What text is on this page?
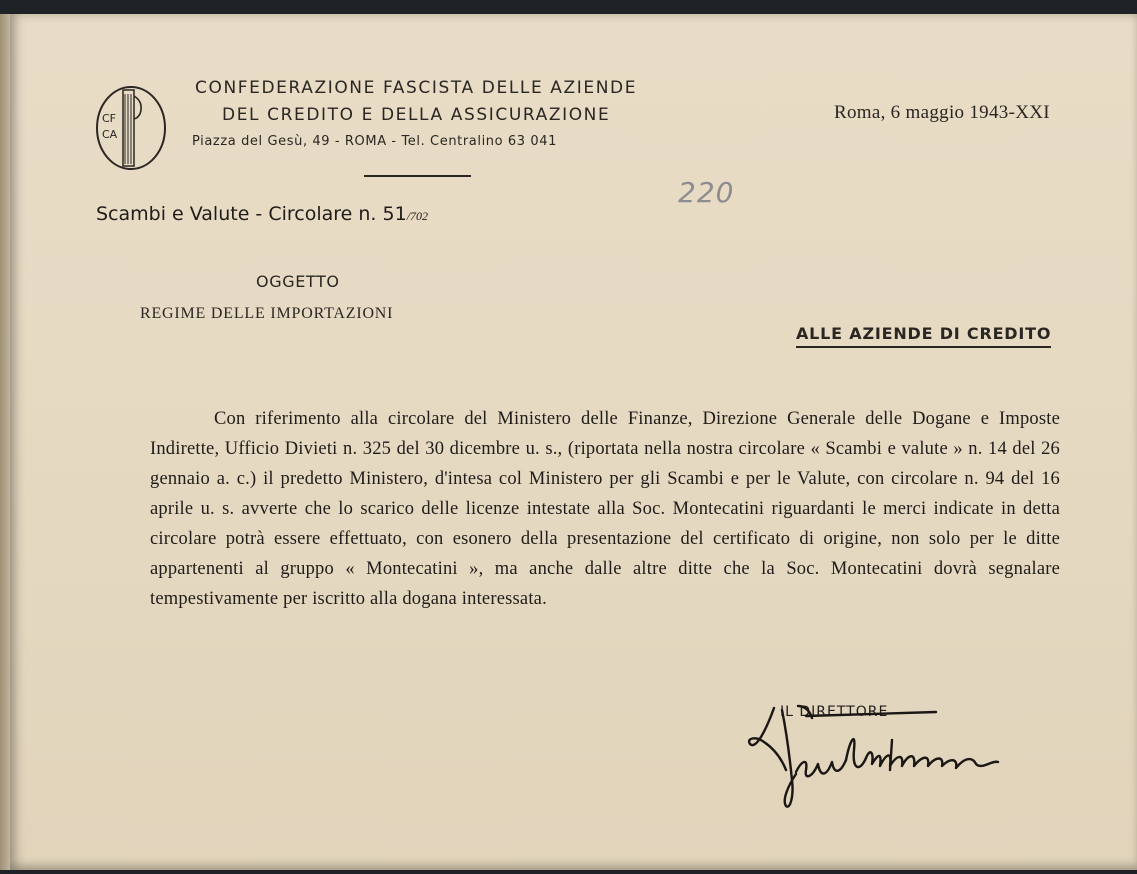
CF
CA
CONFEDERAZIONE FASCISTA DELLE AZIENDE
DEL CREDITO E DELLA ASSICURAZIONE
Piazza del Gesù, 49 - ROMA - Tel. Centralino 63 041
Roma, 6 maggio 1943-XXI
220
Scambi e Valute - Circolare n. 51/702
OGGETTO
REGIME DELLE IMPORTAZIONI
ALLE AZIENDE DI CREDITO
Con riferimento alla circolare del Ministero delle Finanze, Direzione Generale delle Dogane e Imposte Indirette, Ufficio Divieti n. 325 del 30 dicembre u. s., (riportata nella nostra circolare « Scambi e valute » n. 14 del 26 gennaio a. c.) il predetto Ministero, d'intesa col Ministero per gli Scambi e per le Valute, con circolare n. 94 del 16 aprile u. s. avverte che lo scarico delle licenze intestate alla Soc. Montecatini riguardanti le merci indicate in detta circolare potrà essere effettuato, con esonero della presentazione del certificato di origine, non solo per le ditte appartenenti al gruppo « Montecatini », ma anche dalle altre ditte che la Soc. Montecatini dovrà segnalare tempestivamente per iscritto alla dogana interessata.
IL DIRETTORE
